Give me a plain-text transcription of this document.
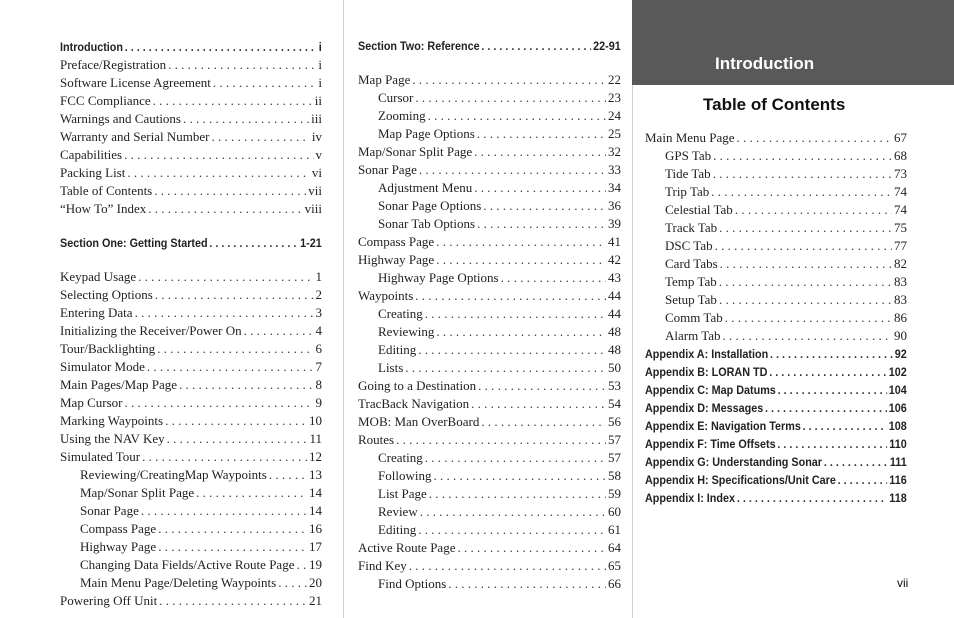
Introduction
Table of Contents
Introduction . . .	i
Preface/Registration . . .	i
Software License Agreement . . .	i
FCC Compliance . . .	ii
Warnings and Cautions . . .	iii
Warranty and Serial Number . . .	iv
Capabilities . . .	v
Packing List . . .	vi
Table of Contents . . .	vii
“How To” Index . . .	viii
Section One: Getting Started . . .	1-21
Keypad Usage . . .	1
Selecting Options . . .	2
Entering Data . . .	3
Initializing the Receiver/Power On . . .	4
Tour/Backlighting . . .	6
Simulator Mode . . .	7
Main Pages/Map Page . . .	8
Map Cursor . . .	9
Marking Waypoints . . .	10
Using the NAV Key . . .	11
Simulated Tour . . .	12
Reviewing/CreatingMap Waypoints . . .	13
Map/Sonar Split Page . . .	14
Sonar Page . . .	14
Compass Page . . .	16
Highway Page . . .	17
Changing Data Fields/Active Route Page . . . 19
Main Menu Page/Deleting Waypoints . . .	20
Powering Off Unit . . .	21
Section Two: Reference . . .	22-91
Map Page . . .	22
Cursor . . .	23
Zooming . . .	24
Map Page Options . . .	25
Map/Sonar Split Page . . .	32
Sonar Page . . .	33
Adjustment Menu . . .	34
Sonar Page Options . . .	36
Sonar Tab Options . . .	39
Compass Page . . .	41
Highway Page . . .	42
Highway Page Options . . .	43
Waypoints . . .	44
Creating . . .	44
Reviewing . . .	48
Editing . . .	48
Lists . . .	50
Going to a Destination . . .	53
TracBack Navigation . . .	54
MOB: Man OverBoard . . .	56
Routes . . .	57
Creating . . .	57
Following . . .	58
List Page . . .	59
Review . . .	60
Editing . . .	61
Active Route Page . . .	64
Find Key . . .	65
Find Options . . .	66
Main Menu Page . . .	67
GPS Tab . . .	68
Tide Tab . . .	73
Trip Tab . . .	74
Celestial Tab . . .	74
Track Tab . . .	75
DSC Tab . . .	77
Card Tabs . . .	82
Temp Tab . . .	83
Setup Tab . . .	83
Comm Tab . . .	86
Alarm Tab . . .	90
Appendix A: Installation . . .	92
Appendix B: LORAN TD . . .	102
Appendix C: Map Datums . . .	104
Appendix D: Messages . . .	106
Appendix E: Navigation Terms . . .	108
Appendix F: Time Offsets . . .	110
Appendix G: Understanding Sonar . . .	111
Appendix H: Specifications/Unit Care . . .	116
Appendix I: Index . . .	118
vii
